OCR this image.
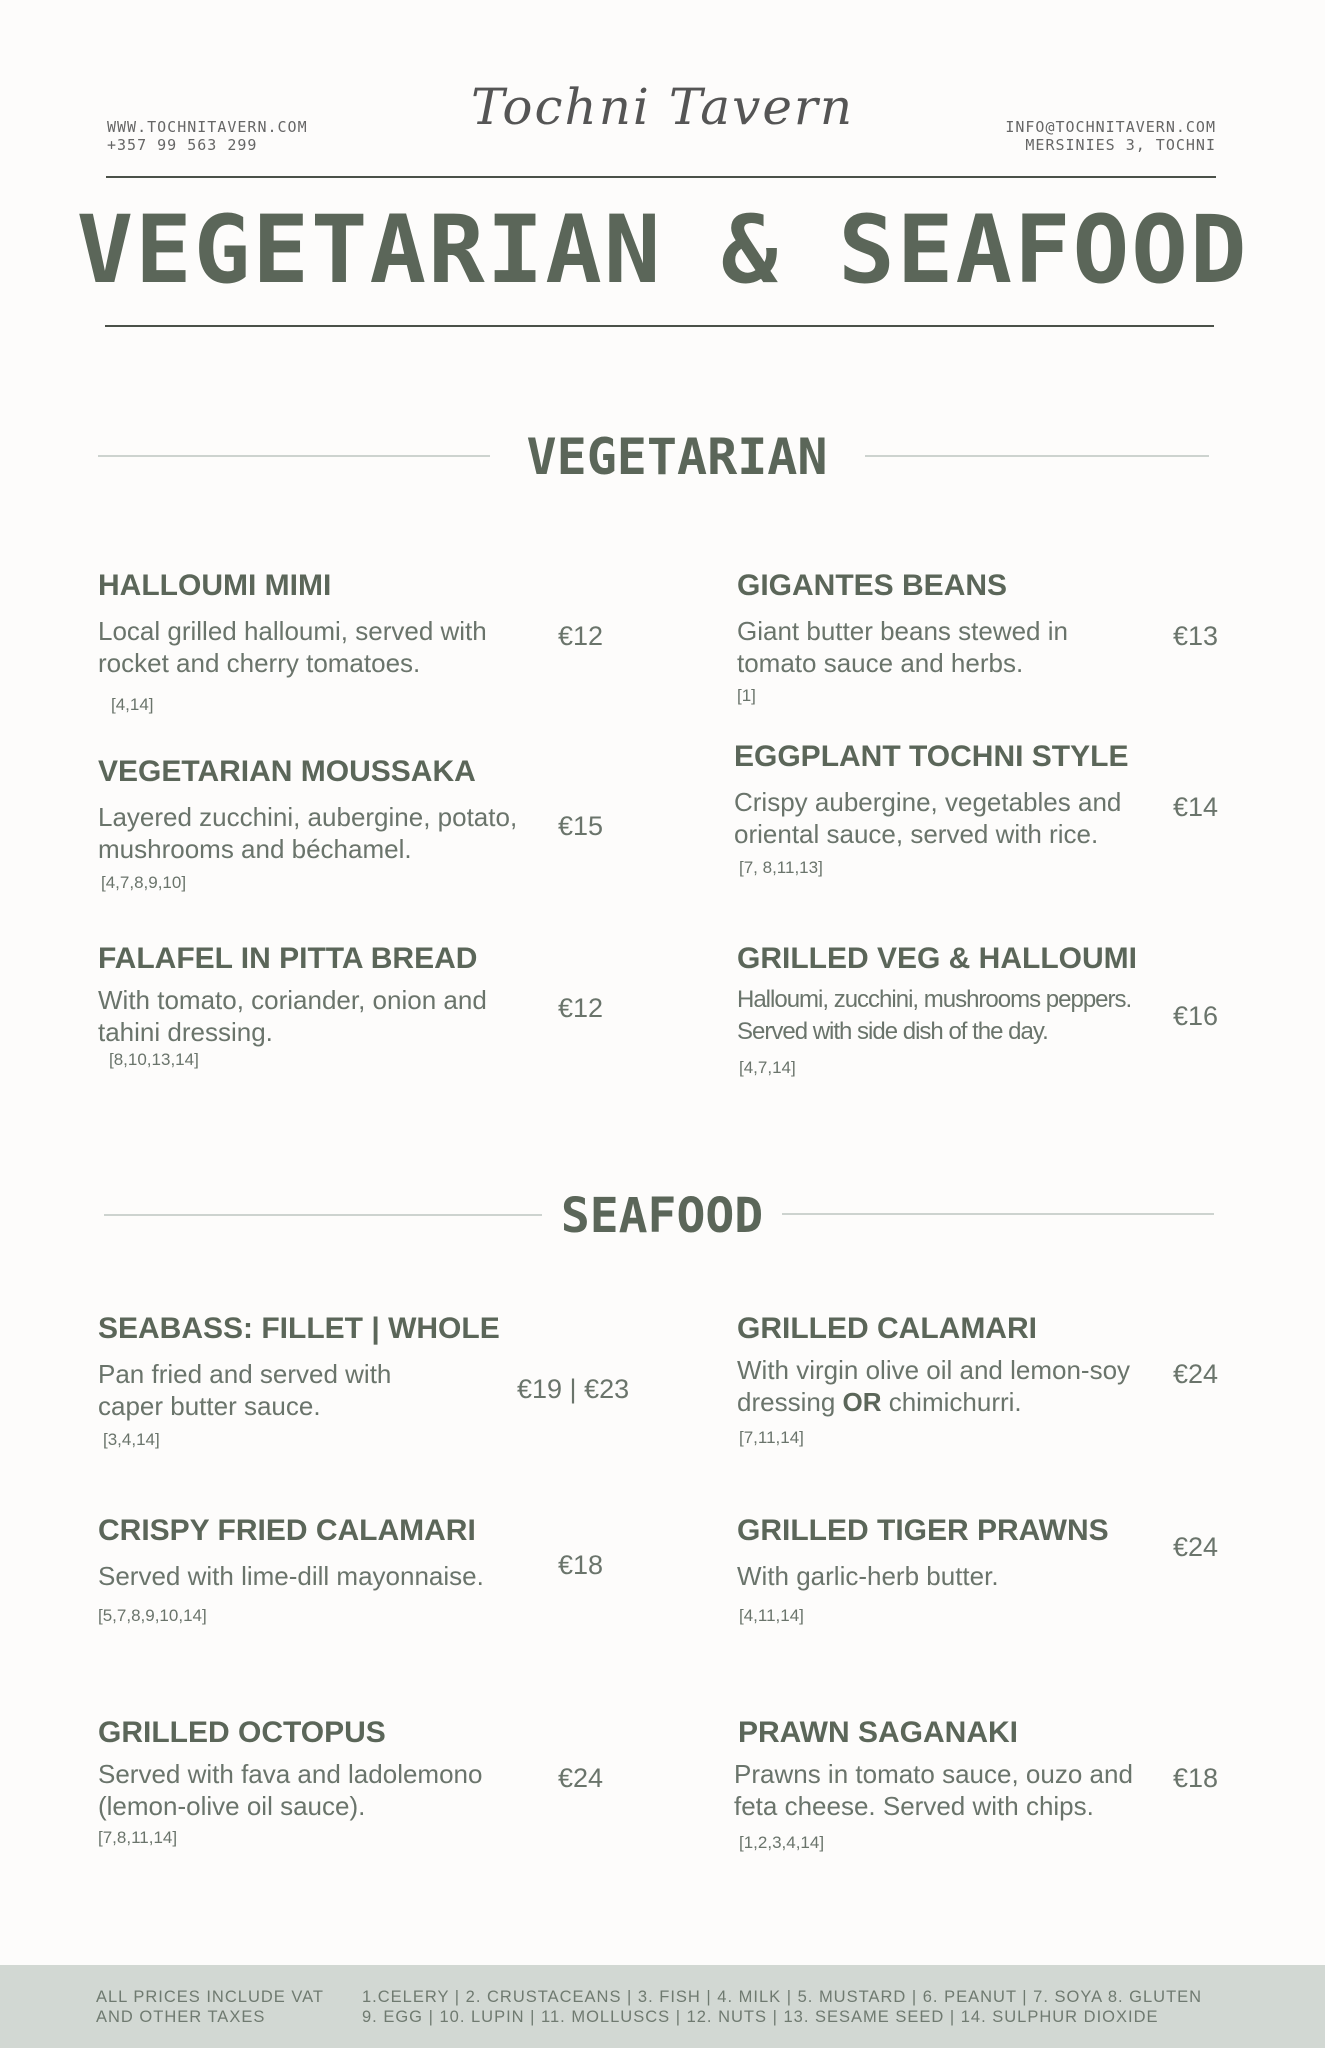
WWW.TOCHNITAVERN.COM
+357 99 563 299
Tochni Tavern	INFO@TOCHNITAVERN.COM
MERSINIES 3, TOCHNI
VEGETARIAN & SEAFOOD
VEGETARIAN
HALLOUMI MIMI
Local grilled halloumi, served with rocket and cherry tomatoes.
[4,14]
€12
GIGANTES BEANS
Giant butter beans stewed in tomato sauce and herbs.
[1]
€13
VEGETARIAN MOUSSAKA
Layered zucchini, aubergine, potato, mushrooms and béchamel.
[4,7,8,9,10]
€15
EGGPLANT TOCHNI STYLE
Crispy aubergine, vegetables and oriental sauce, served with rice.
[7, 8,11,13]
€14
FALAFEL IN PITTA BREAD
With tomato, coriander, onion and tahini dressing.
[8,10,13,14]
€12
GRILLED VEG & HALLOUMI
Halloumi, zucchini, mushrooms peppers. Served with side dish of the day.
[4,7,14]
€16
SEAFOOD
SEABASS: FILLET | WHOLE
Pan fried and served with caper butter sauce.
[3,4,14]
€19 | €23
GRILLED CALAMARI
With virgin olive oil and lemon-soy dressing OR chimichurri.
[7,11,14]
€24
CRISPY FRIED CALAMARI
Served with lime-dill mayonnaise.
[5,7,8,9,10,14]
€18
GRILLED TIGER PRAWNS
With garlic-herb butter.
[4,11,14]
€24
GRILLED OCTOPUS
Served with fava and ladolemono (lemon-olive oil sauce).
[7,8,11,14]
€24
PRAWN SAGANAKI
Prawns in tomato sauce, ouzo and feta cheese. Served with chips.
[1,2,3,4,14]
€18
ALL PRICES INCLUDE VAT
AND OTHER TAXES
1.CELERY | 2. CRUSTACEANS | 3. FISH | 4. MILK | 5. MUSTARD | 6. PEANUT | 7. SOYA 8. GLUTEN
9. EGG | 10. LUPIN | 11. MOLLUSCS | 12. NUTS | 13. SESAME SEED | 14. SULPHUR DIOXIDE
